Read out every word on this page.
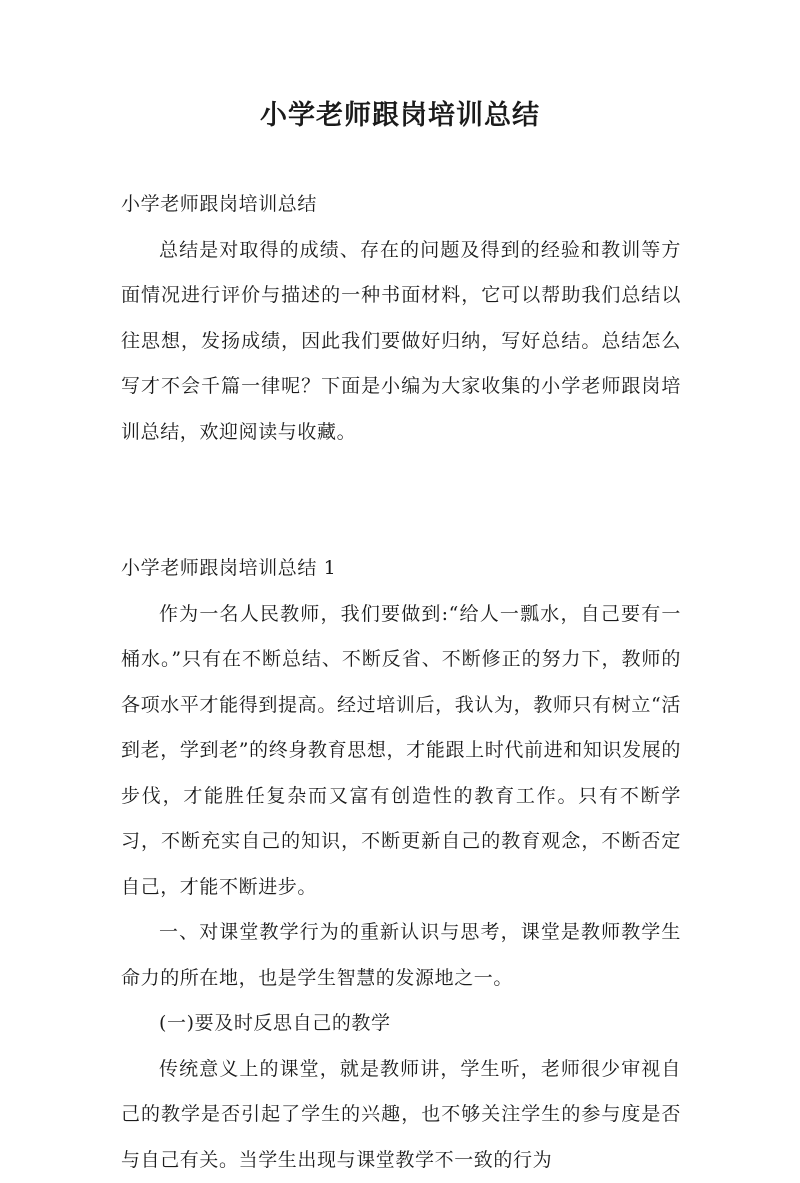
小学老师跟岗培训总结

小学老师跟岗培训总结

总结是对取得的成绩、存在的问题及得到的经验和教训等方面情况进行评价与描述的一种书面材料，它可以帮助我们总结以往思想，发扬成绩，因此我们要做好归纳，写好总结。总结怎么写才不会千篇一律呢？下面是小编为大家收集的小学老师跟岗培训总结，欢迎阅读与收藏。

小学老师跟岗培训总结 1

作为一名人民教师，我们要做到:“给人一瓢水，自己要有一桶水。”只有在不断总结、不断反省、不断修正的努力下，教师的各项水平才能得到提高。经过培训后，我认为，教师只有树立“活到老，学到老”的终身教育思想，才能跟上时代前进和知识发展的步伐，才能胜任复杂而又富有创造性的教育工作。只有不断学习，不断充实自己的知识，不断更新自己的教育观念，不断否定自己，才能不断进步。

一、对课堂教学行为的重新认识与思考，课堂是教师教学生命力的所在地，也是学生智慧的发源地之一。

(一)要及时反思自己的教学

传统意义上的课堂，就是教师讲，学生听，老师很少审视自己的教学是否引起了学生的兴趣，也不够关注学生的参与度是否与自己有关。当学生出现与课堂教学不一致的行为
